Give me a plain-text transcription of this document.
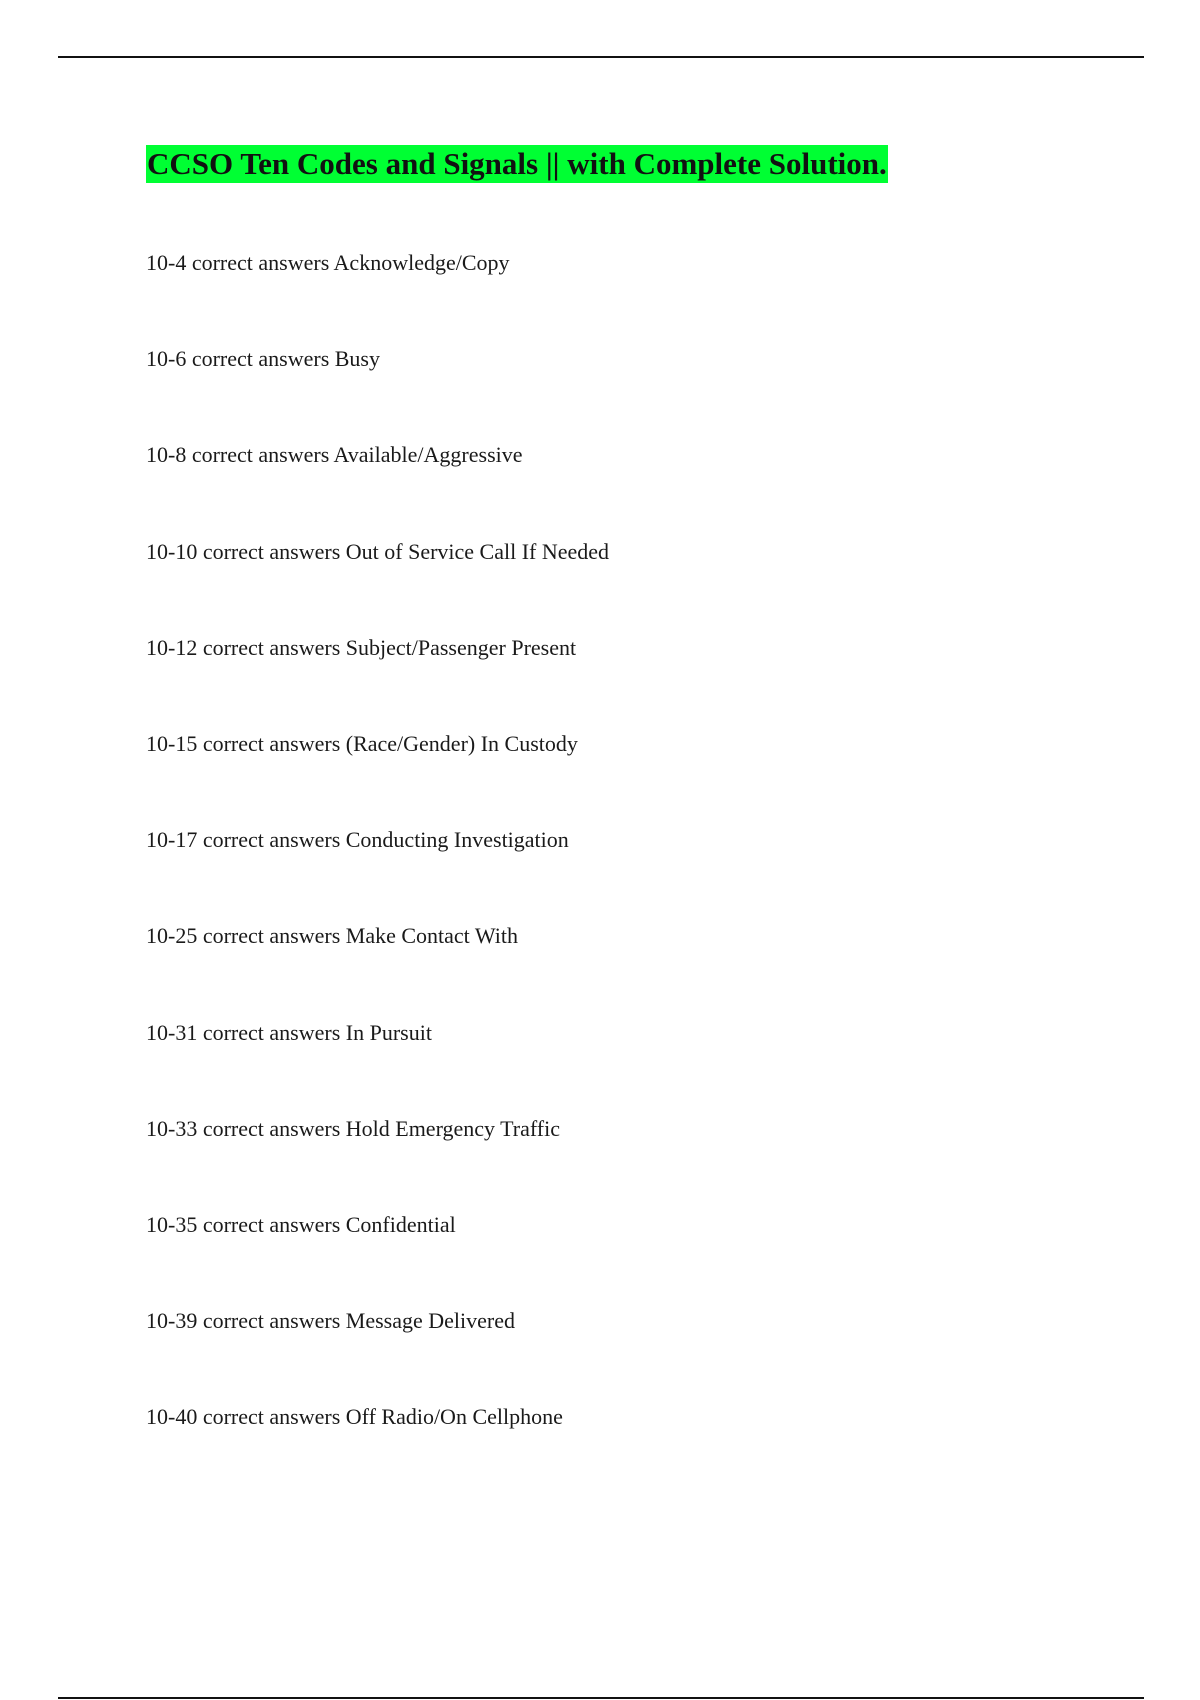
CCSO Ten Codes and Signals || with Complete Solution.
10-4 correct answers Acknowledge/Copy
10-6 correct answers Busy
10-8 correct answers Available/Aggressive
10-10 correct answers Out of Service Call If Needed
10-12 correct answers Subject/Passenger Present
10-15 correct answers (Race/Gender) In Custody
10-17 correct answers Conducting Investigation
10-25 correct answers Make Contact With
10-31 correct answers In Pursuit
10-33 correct answers Hold Emergency Traffic
10-35 correct answers Confidential
10-39 correct answers Message Delivered
10-40 correct answers Off Radio/On Cellphone
